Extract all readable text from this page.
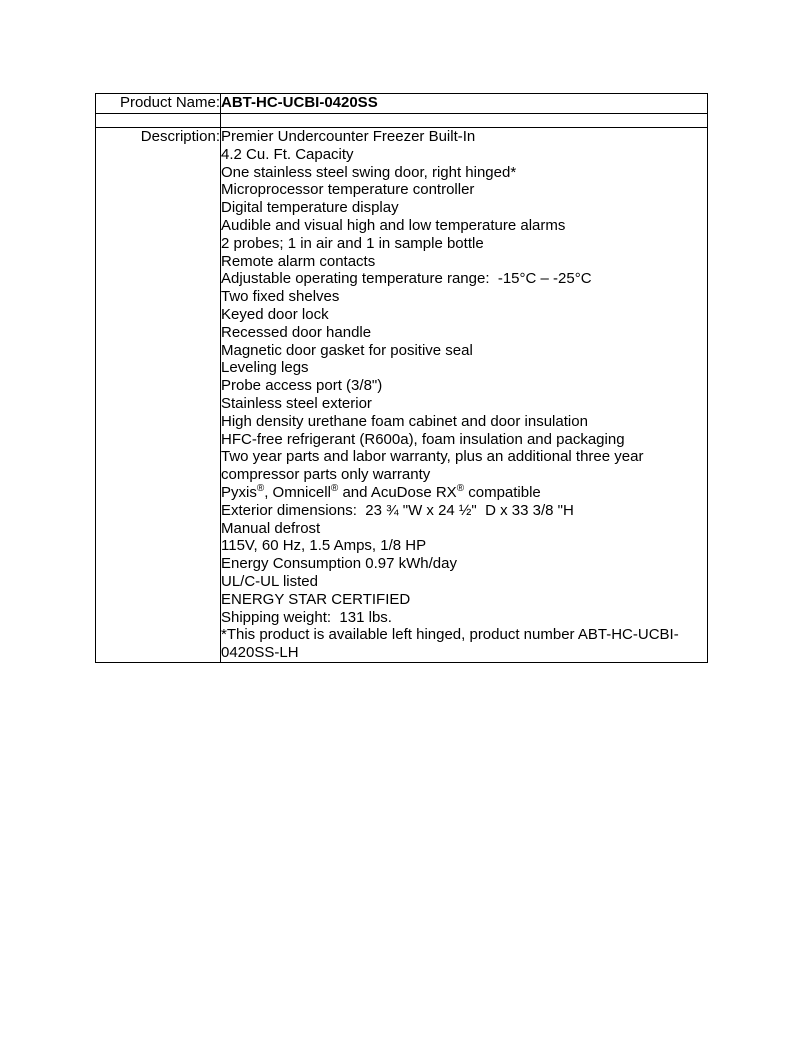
Product Name:	ABT-HC-UCBI-0420SS

Description:	Premier Undercounter Freezer Built-In
4.2 Cu. Ft. Capacity
One stainless steel swing door, right hinged*
Microprocessor temperature controller
Digital temperature display
Audible and visual high and low temperature alarms
2 probes; 1 in air and 1 in sample bottle
Remote alarm contacts
Adjustable operating temperature range:  -15°C – -25°C
Two fixed shelves
Keyed door lock
Recessed door handle
Magnetic door gasket for positive seal
Leveling legs
Probe access port (3/8")
Stainless steel exterior
High density urethane foam cabinet and door insulation
HFC-free refrigerant (R600a), foam insulation and packaging
Two year parts and labor warranty, plus an additional three year compressor parts only warranty
Pyxis®, Omnicell® and AcuDose RX® compatible
Exterior dimensions:  23 ¾ "W x 24 ½"  D x 33 3/8 "H
Manual defrost
115V, 60 Hz, 1.5 Amps, 1/8 HP
Energy Consumption 0.97 kWh/day
UL/C-UL listed
ENERGY STAR CERTIFIED
Shipping weight:  131 lbs.
*This product is available left hinged, product number ABT-HC-UCBI-0420SS-LH
